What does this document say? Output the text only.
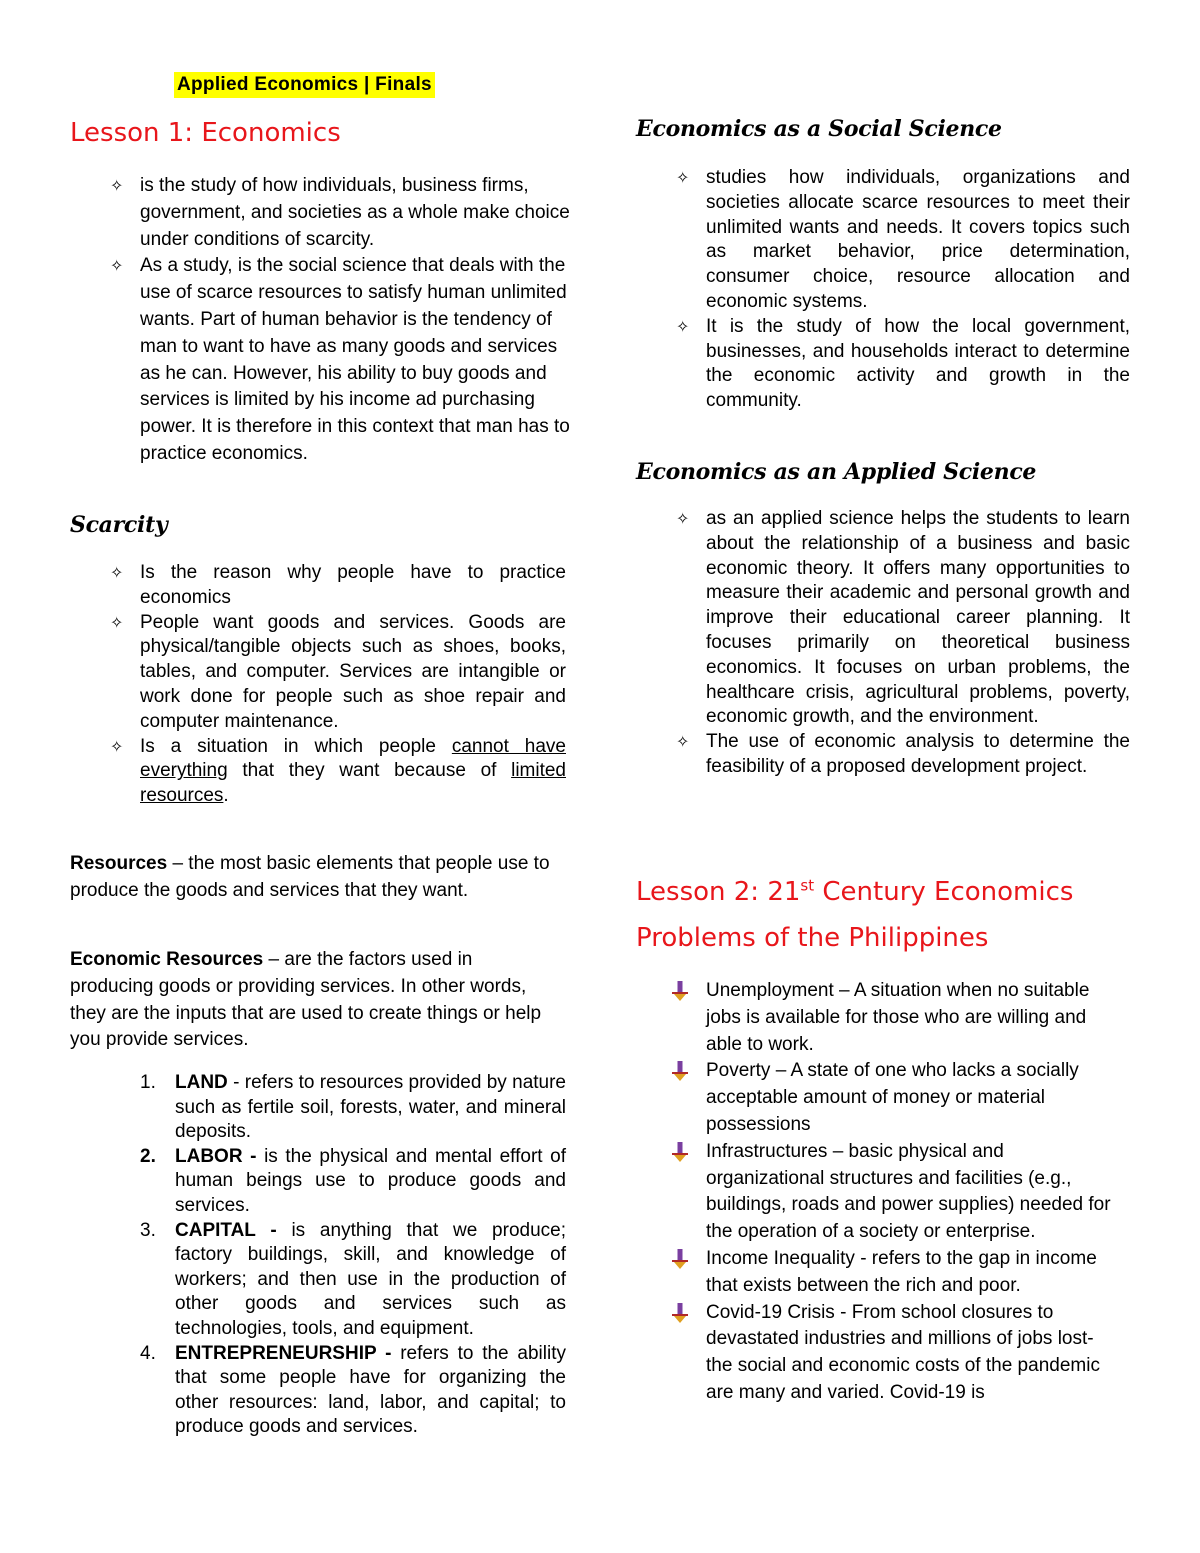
Applied Economics | Finals
Lesson 1: Economics
✧ is the study of how individuals, business firms, government, and societies as a whole make choice under conditions of scarcity.
✧ As a study, is the social science that deals with the use of scarce resources to satisfy human unlimited wants. Part of human behavior is the tendency of man to want to have as many goods and services as he can. However, his ability to buy goods and services is limited by his income ad purchasing power. It is therefore in this context that man has to practice economics.
Scarcity
✧ Is the reason why people have to practice economics
✧ People want goods and services. Goods are physical/tangible objects such as shoes, books, tables, and computer. Services are intangible or work done for people such as shoe repair and computer maintenance.
✧ Is a situation in which people cannot have everything that they want because of limited resources.
Resources – the most basic elements that people use to produce the goods and services that they want.
Economic Resources – are the factors used in producing goods or providing services. In other words, they are the inputs that are used to create things or help you provide services.
1. LAND - refers to resources provided by nature such as fertile soil, forests, water, and mineral deposits.
2. LABOR - is the physical and mental effort of human beings use to produce goods and services.
3. CAPITAL - is anything that we produce; factory buildings, skill, and knowledge of workers; and then use in the production of other goods and services such as technologies, tools, and equipment.
4. ENTREPRENEURSHIP - refers to the ability that some people have for organizing the other resources: land, labor, and capital; to produce goods and services.
Economics as a Social Science
✧ studies how individuals, organizations and societies allocate scarce resources to meet their unlimited wants and needs. It covers topics such as market behavior, price determination, consumer choice, resource allocation and economic systems.
✧ It is the study of how the local government, businesses, and households interact to determine the economic activity and growth in the community.
Economics as an Applied Science
✧ as an applied science helps the students to learn about the relationship of a business and basic economic theory. It offers many opportunities to measure their academic and personal growth and improve their educational career planning. It focuses primarily on theoretical business economics. It focuses on urban problems, the healthcare crisis, agricultural problems, poverty, economic growth, and the environment.
✧ The use of economic analysis to determine the feasibility of a proposed development project.
Lesson 2: 21st Century Economics
Problems of the Philippines
Unemployment – A situation when no suitable jobs is available for those who are willing and able to work.
Poverty – A state of one who lacks a socially acceptable amount of money or material possessions
Infrastructures – basic physical and organizational structures and facilities (e.g., buildings, roads and power supplies) needed for the operation of a society or enterprise.
Income Inequality - refers to the gap in income that exists between the rich and poor.
Covid-19 Crisis - From school closures to devastated industries and millions of jobs lost-the social and economic costs of the pandemic are many and varied. Covid-19 is
